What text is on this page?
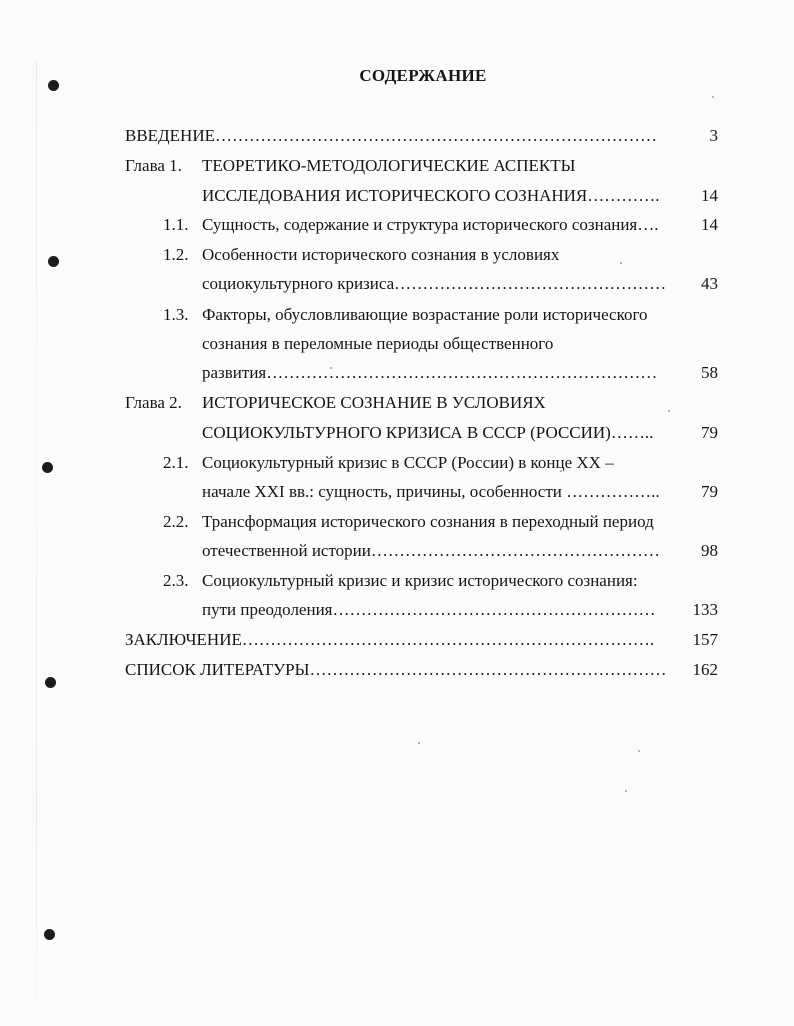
СОДЕРЖАНИЕ
ВВЕДЕНИЕ……………………………………………………………………	3
Глава 1. ТЕОРЕТИКО-МЕТОДОЛОГИЧЕСКИЕ АСПЕКТЫ
ИССЛЕДОВАНИЯ ИСТОРИЧЕСКОГО СОЗНАНИЯ………….	14
1.1. Сущность, содержание и структура исторического сознания….	14
1.2. Особенности исторического сознания в условиях
социокультурного кризиса…………………………………………	43
1.3. Факторы, обусловливающие возрастание роли исторического
сознания в переломные периоды общественного
развития……………………………………………………………	58
Глава 2. ИСТОРИЧЕСКОЕ СОЗНАНИЕ В УСЛОВИЯХ
СОЦИОКУЛЬТУРНОГО КРИЗИСА В СССР (РОССИИ)……..	79
2.1. Социокультурный кризис в СССР (России) в конце XX –
начале XXI вв.: сущность, причины, особенности ……………..	79
2.2. Трансформация исторического сознания в переходный период
отечественной истории……………………………………………	98
2.3. Социокультурный кризис и кризис исторического сознания:
пути преодоления…………………………………………………	133
ЗАКЛЮЧЕНИЕ……………………………………………………………….	157
СПИСОК ЛИТЕРАТУРЫ………………………………………………………	162
